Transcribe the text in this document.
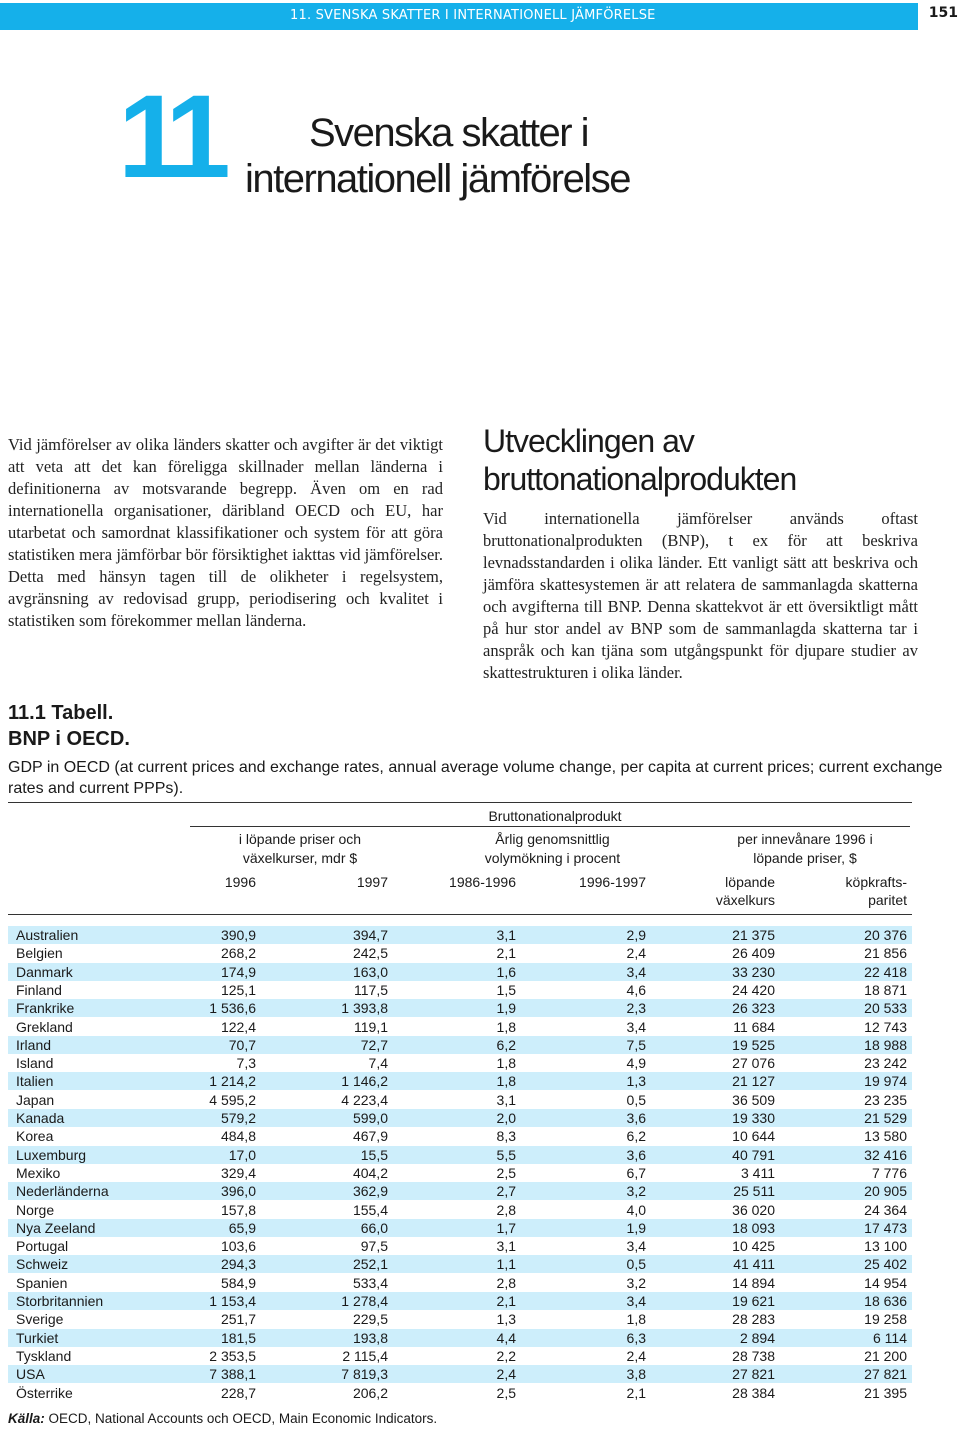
11. SVENSKA SKATTER I INTERNATIONELL JÄMFÖRELSE	151
11	Svenska skatter i
internationell jämförelse
Vid jämförelser av olika länders skatter och avgifter är det viktigt att veta att det kan föreligga skillnader mellan länderna i definitionerna av motsvarande begrepp. Även om en rad internationella organisationer, däribland OECD och EU, har utarbetat och samordnat klassifikationer och system för att göra statistiken mera jämförbar bör försiktighet iakttas vid jämförelser. Detta med hänsyn tagen till de olikheter i regelsystem, avgränsning av redovisad grupp, periodisering och kvalitet i statistiken som förekommer mellan länderna.
Utvecklingen av
bruttonationalprodukten
Vid internationella jämförelser används oftast bruttonationalprodukten (BNP), t ex för att beskriva levnadsstandarden i olika länder. Ett vanligt sätt att beskriva och jämföra skattesystemen är att relatera de sammanlagda skatterna och avgifterna till BNP. Denna skattekvot är ett översiktligt mått på hur stor andel av BNP som de sammanlagda skatterna tar i anspråk och kan tjäna som utgångspunkt för djupare studier av skattestrukturen i olika länder.
11.1 Tabell.
BNP i OECD.
GDP in OECD (at current prices and exchange rates, annual average volume change, per capita at current prices; current exchange rates and current PPPs).
Bruttonationalprodukt
i löpande priser och
växelkurser, mdr $
Årlig genomsnittlig
volymökning i procent
per innevånare 1996 i
löpande priser, $
1996	1997	1986-1996	1996-1997	löpande
växelkurs
köpkrafts-
paritet
Australien	390,9	394,7	3,1	2,9	21 375	20 376
Belgien	268,2	242,5	2,1	2,4	26 409	21 856
Danmark	174,9	163,0	1,6	3,4	33 230	22 418
Finland	125,1	117,5	1,5	4,6	24 420	18 871
Frankrike	1 536,6	1 393,8	1,9	2,3	26 323	20 533
Grekland	122,4	119,1	1,8	3,4	11 684	12 743
Irland	70,7	72,7	6,2	7,5	19 525	18 988
Island	7,3	7,4	1,8	4,9	27 076	23 242
Italien	1 214,2	1 146,2	1,8	1,3	21 127	19 974
Japan	4 595,2	4 223,4	3,1	0,5	36 509	23 235
Kanada	579,2	599,0	2,0	3,6	19 330	21 529
Korea	484,8	467,9	8,3	6,2	10 644	13 580
Luxemburg	17,0	15,5	5,5	3,6	40 791	32 416
Mexiko	329,4	404,2	2,5	6,7	3 411	7 776
Nederländerna	396,0	362,9	2,7	3,2	25 511	20 905
Norge	157,8	155,4	2,8	4,0	36 020	24 364
Nya Zeeland	65,9	66,0	1,7	1,9	18 093	17 473
Portugal	103,6	97,5	3,1	3,4	10 425	13 100
Schweiz	294,3	252,1	1,1	0,5	41 411	25 402
Spanien	584,9	533,4	2,8	3,2	14 894	14 954
Storbritannien	1 153,4	1 278,4	2,1	3,4	19 621	18 636
Sverige	251,7	229,5	1,3	1,8	28 283	19 258
Turkiet	181,5	193,8	4,4	6,3	2 894	6 114
Tyskland	2 353,5	2 115,4	2,2	2,4	28 738	21 200
USA	7 388,1	7 819,3	2,4	3,8	27 821	27 821
Österrike	228,7	206,2	2,5	2,1	28 384	21 395
Källa: OECD, National Accounts och OECD, Main Economic Indicators.
